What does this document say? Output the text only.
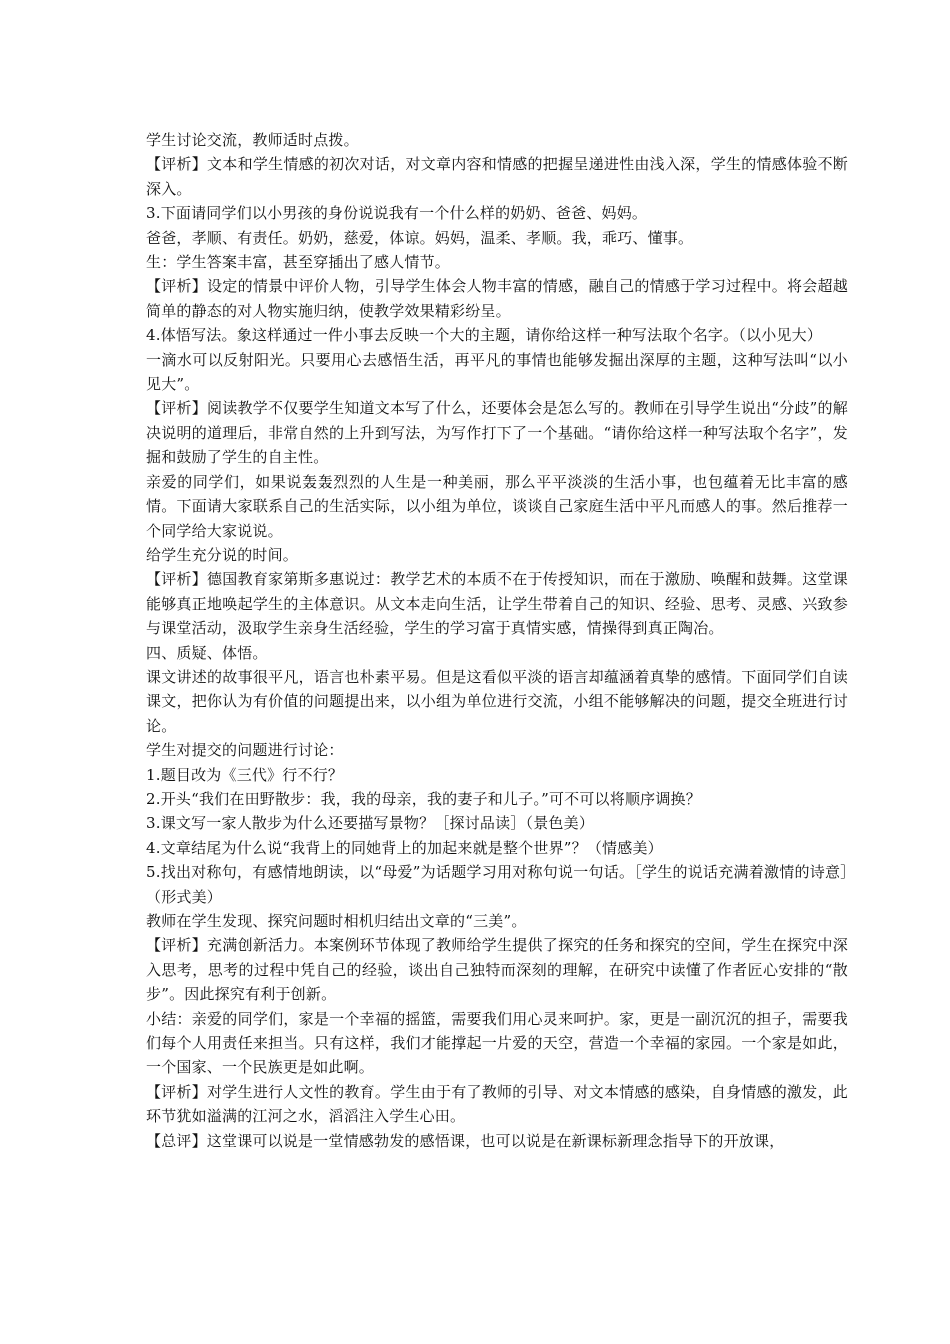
学生讨论交流，教师适时点拨。

【评析】文本和学生情感的初次对话，对文章内容和情感的把握呈递进性由浅入深，学生的情感体验不断深入。

3.下面请同学们以小男孩的身份说说我有一个什么样的奶奶、爸爸、妈妈。

爸爸，孝顺、有责任。奶奶，慈爱，体谅。妈妈，温柔、孝顺。我，乖巧、懂事。

生：学生答案丰富，甚至穿插出了感人情节。

【评析】设定的情景中评价人物，引导学生体会人物丰富的情感，融自己的情感于学习过程中。将会超越简单的静态的对人物实施归纳，使教学效果精彩纷呈。

4.体悟写法。象这样通过一件小事去反映一个大的主题，请你给这样一种写法取个名字。（以小见大）

一滴水可以反射阳光。只要用心去感悟生活，再平凡的事情也能够发掘出深厚的主题，这种写法叫“以小见大”。

【评析】阅读教学不仅要学生知道文本写了什么，还要体会是怎么写的。教师在引导学生说出“分歧”的解决说明的道理后，非常自然的上升到写法，为写作打下了一个基础。“请你给这样一种写法取个名字”，发掘和鼓励了学生的自主性。

亲爱的同学们，如果说轰轰烈烈的人生是一种美丽，那么平平淡淡的生活小事，也包蕴着无比丰富的感情。下面请大家联系自己的生活实际，以小组为单位，谈谈自己家庭生活中平凡而感人的事。然后推荐一个同学给大家说说。

给学生充分说的时间。

【评析】德国教育家第斯多惠说过：教学艺术的本质不在于传授知识，而在于激励、唤醒和鼓舞。这堂课能够真正地唤起学生的主体意识。从文本走向生活，让学生带着自己的知识、经验、思考、灵感、兴致参与课堂活动，汲取学生亲身生活经验，学生的学习富于真情实感，情操得到真正陶冶。

四、质疑、体悟。

课文讲述的故事很平凡，语言也朴素平易。但是这看似平淡的语言却蕴涵着真挚的感情。下面同学们自读课文，把你认为有价值的问题提出来，以小组为单位进行交流，小组不能够解决的问题，提交全班进行讨论。

学生对提交的问题进行讨论：

1.题目改为《三代》行不行？

2.开头“我们在田野散步：我，我的母亲，我的妻子和儿子。”可不可以将顺序调换？

3.课文写一家人散步为什么还要描写景物？［探讨品读］（景色美）

4.文章结尾为什么说“我背上的同她背上的加起来就是整个世界”？（情感美）

5.找出对称句，有感情地朗读，以“母爱”为话题学习用对称句说一句话。［学生的说话充满着激情的诗意］（形式美）

教师在学生发现、探究问题时相机归结出文章的“三美”。

【评析】充满创新活力。本案例环节体现了教师给学生提供了探究的任务和探究的空间，学生在探究中深入思考，思考的过程中凭自己的经验，谈出自己独特而深刻的理解，在研究中读懂了作者匠心安排的“散步”。因此探究有利于创新。

小结：亲爱的同学们，家是一个幸福的摇篮，需要我们用心灵来呵护。家，更是一副沉沉的担子，需要我们每个人用责任来担当。只有这样，我们才能撑起一片爱的天空，营造一个幸福的家园。一个家是如此，一个国家、一个民族更是如此啊。

【评析】对学生进行人文性的教育。学生由于有了教师的引导、对文本情感的感染，自身情感的激发，此环节犹如溢满的江河之水，滔滔注入学生心田。

【总评】这堂课可以说是一堂情感勃发的感悟课，也可以说是在新课标新理念指导下的开放课，
